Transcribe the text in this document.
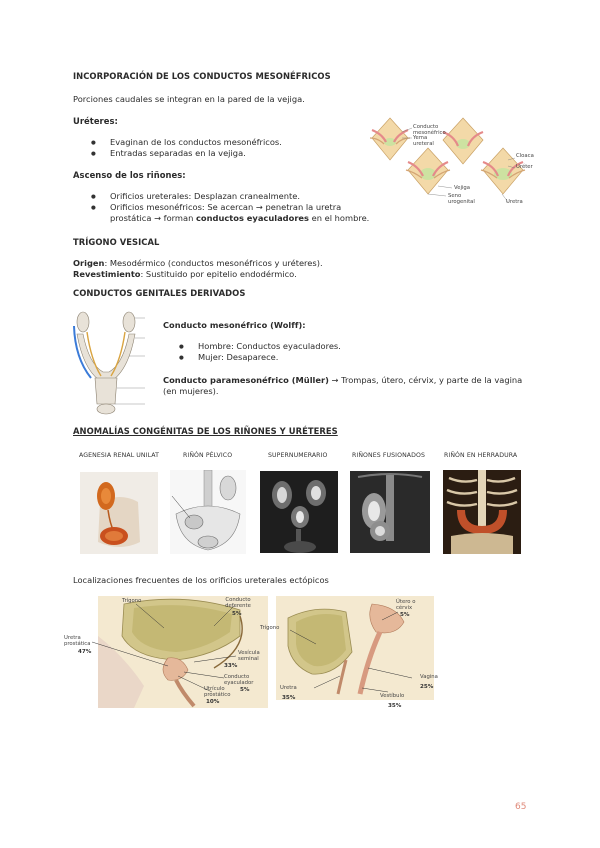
INCORPORACIÓN DE LOS CONDUCTOS MESONÉFRICOS
Porciones caudales se integran en la pared de la vejiga.
Uréteres:
● Evaginan de los conductos mesonéfricos.
● Entradas separadas en la vejiga.
Ascenso de los riñones:
● Orificios ureterales: Desplazan cranealmente.
● Orificios mesonéfricos: Se acercan → penetran la uretra prostática → forman conductos eyaculadores en el hombre.
Conducto mesonéfrico
Yema ureteral
Cloaca
Uréter
Vejiga
Seno urogenital	Uretra
TRÍGONO VESICAL
Origen: Mesodérmico (conductos mesonéfricos y uréteres).
Revestimiento: Sustituido por epitelio endodérmico.
CONDUCTOS GENITALES DERIVADOS
Conducto mesonéfrico (Wolff):
● Hombre: Conductos eyaculadores.
● Mujer: Desaparece.
Conducto paramesonéfrico (Müller) → Trompas, útero, cérvix, y parte de la vagina (en mujeres).
ANOMALÍAS CONGÉNITAS DE LOS RIÑONES Y URÉTERES
AGENESIA RENAL UNILAT	RIÑÓN PÉLVICO	SUPERNUMERARIO	RIÑONES FUSIONADOS	RIÑÓN EN HERRADURA
Localizaciones frecuentes de los orificios ureterales ectópicos
Trígono	Conducto deferente
5%
Uretra prostática
47%	Vesícula seminal
33%
Conducto eyaculador
5%
Utrículo prostático
10%
Trígono
Útero o cérvix
5%
Vagina
25%
Uretra
35%	Vestíbulo
35%
65
